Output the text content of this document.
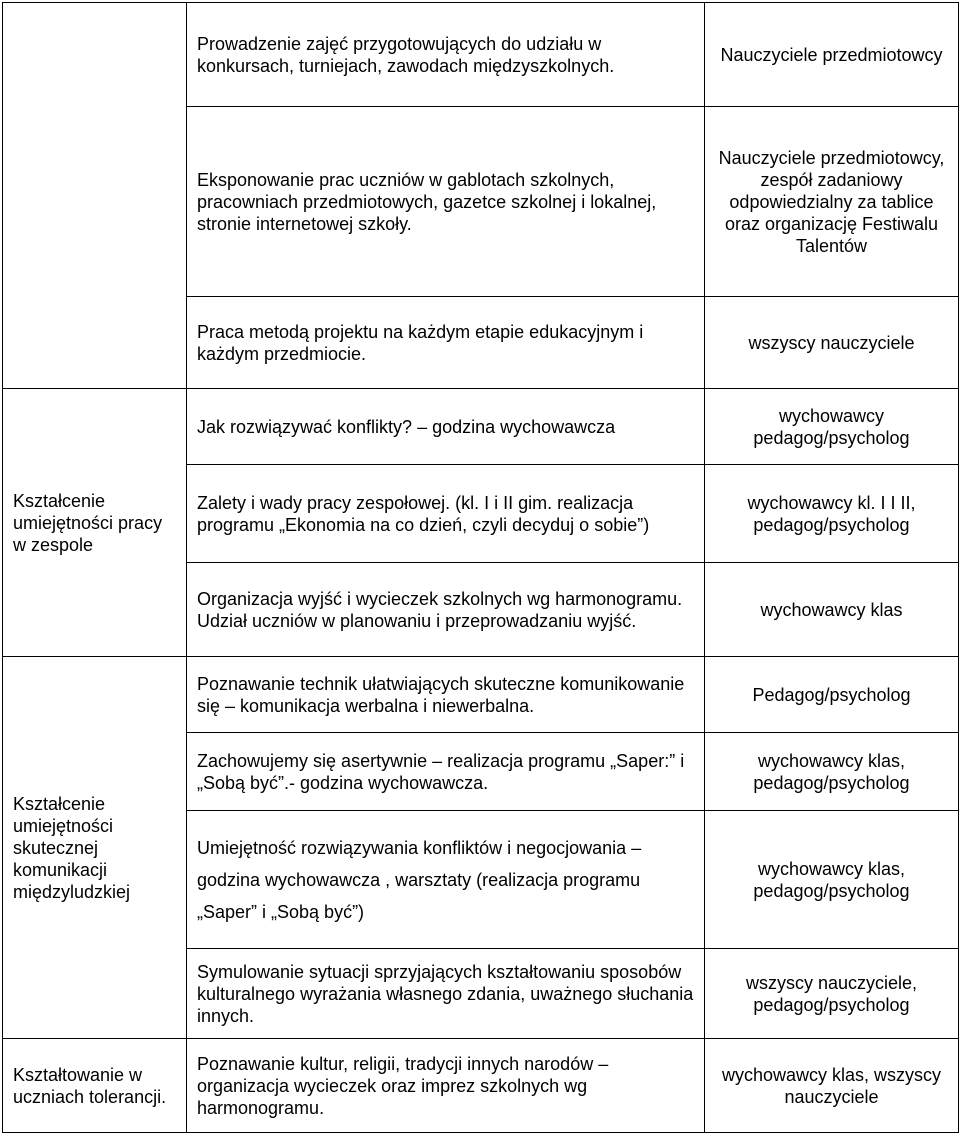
	Prowadzenie zajęć przygotowujących do udziału w konkursach, turniejach, zawodach międzyszkolnych.	Nauczyciele przedmiotowcy
	Eksponowanie prac uczniów w gablotach szkolnych, pracowniach przedmiotowych, gazetce szkolnej i lokalnej, stronie internetowej szkoły.	Nauczyciele przedmiotowcy, zespół zadaniowy odpowiedzialny za tablice oraz organizację Festiwalu Talentów
	Praca metodą projektu na każdym etapie edukacyjnym i każdym przedmiocie.	wszyscy nauczyciele
Kształcenie umiejętności pracy w zespole	Jak rozwiązywać konflikty? – godzina wychowawcza	wychowawcy pedagog/psycholog
	Zalety i wady pracy zespołowej. (kl. I i II gim. realizacja programu „Ekonomia na co dzień, czyli decyduj o sobie”)	wychowawcy kl. I I II, pedagog/psycholog
	Organizacja wyjść i wycieczek szkolnych wg harmonogramu. Udział uczniów w planowaniu i przeprowadzaniu wyjść.	wychowawcy klas
Kształcenie umiejętności skutecznej komunikacji międzyludzkiej	Poznawanie technik ułatwiających skuteczne komunikowanie się – komunikacja werbalna i niewerbalna.	Pedagog/psycholog
	Zachowujemy się asertywnie – realizacja programu „Saper:” i „Sobą być”.- godzina wychowawcza.	wychowawcy klas, pedagog/psycholog
	Umiejętność rozwiązywania konfliktów i negocjowania – godzina wychowawcza , warsztaty (realizacja programu „Saper” i „Sobą być”)	wychowawcy klas, pedagog/psycholog
	Symulowanie sytuacji sprzyjających kształtowaniu sposobów kulturalnego wyrażania własnego zdania, uważnego słuchania innych.	wszyscy nauczyciele, pedagog/psycholog
Kształtowanie w uczniach tolerancji.	Poznawanie kultur, religii, tradycji innych narodów – organizacja wycieczek oraz imprez szkolnych wg harmonogramu.	wychowawcy klas, wszyscy nauczyciele
